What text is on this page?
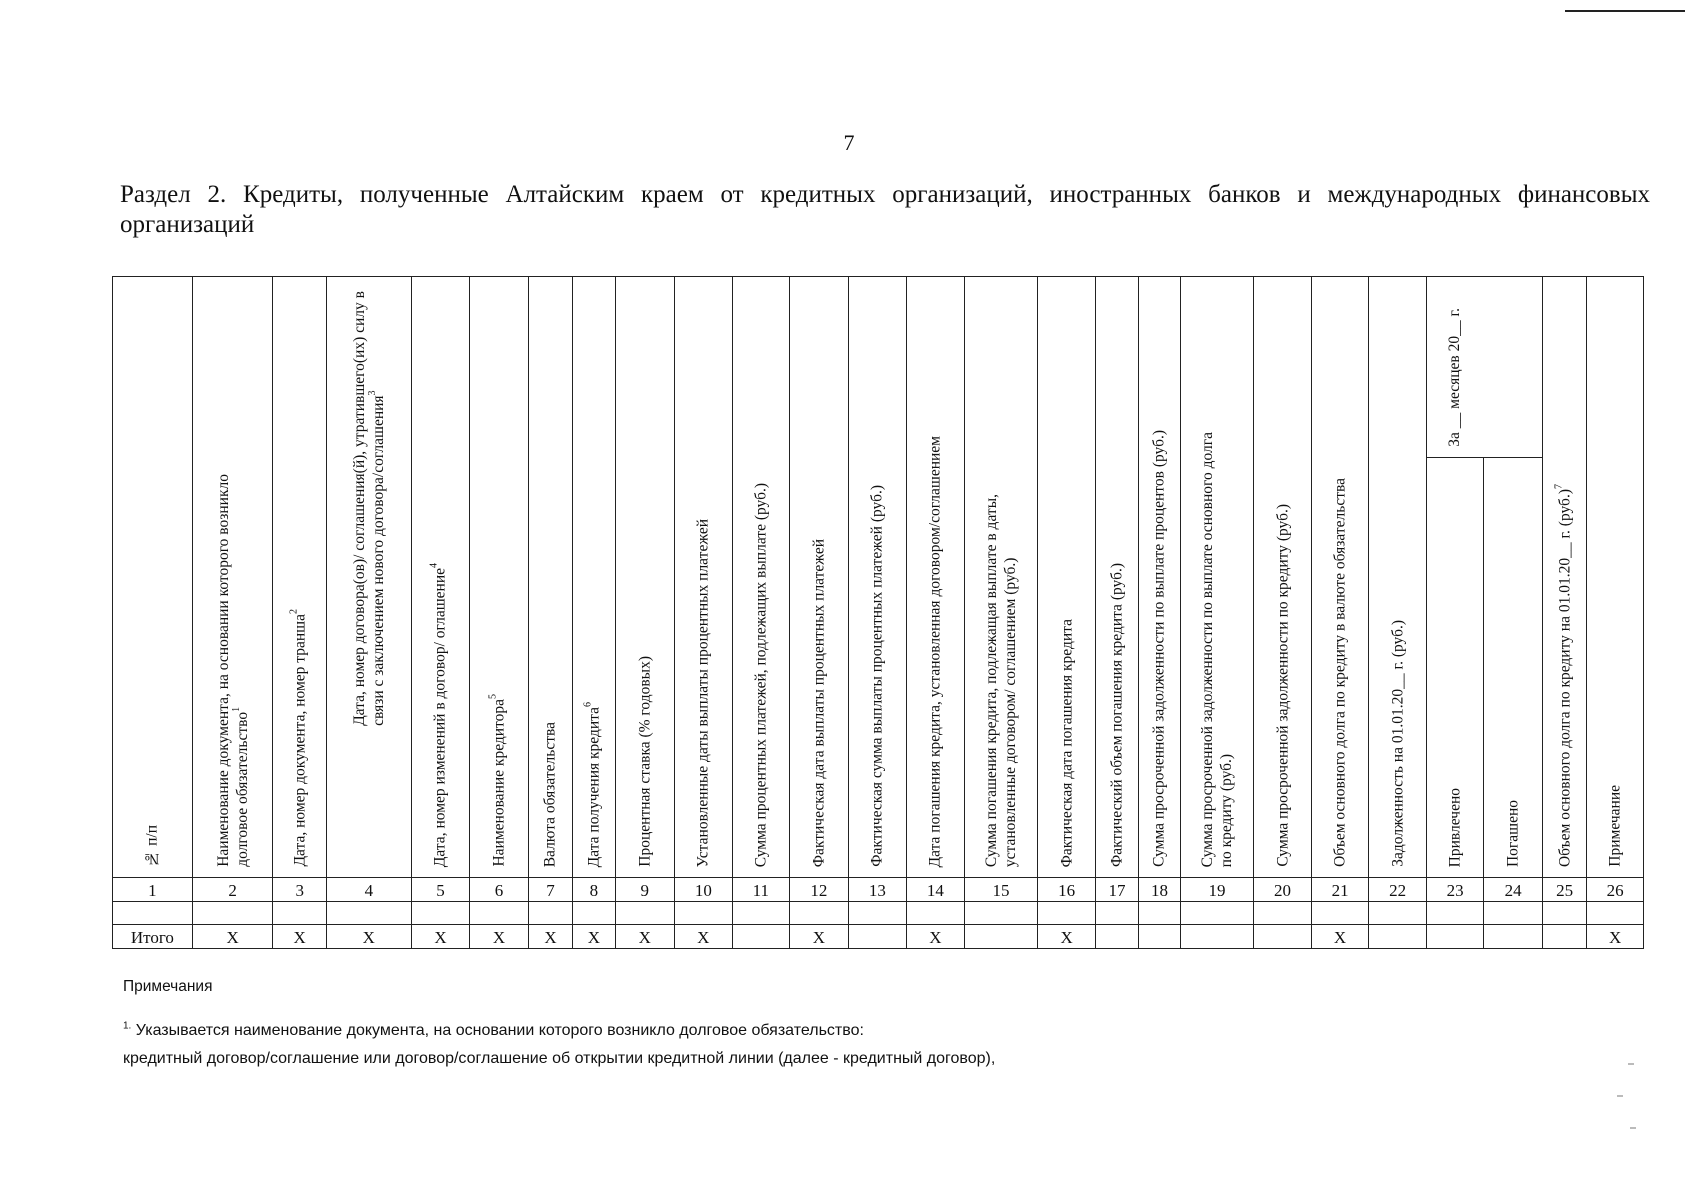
7
Раздел 2. Кредиты, полученные Алтайским краем от кредитных организаций, иностранных банков и международных финансовых организаций
№ п/п	Наименование документа, на основании которого возникло
долговое обязательство$^1$	Дата, номер документа, номер транша$^2$	Дата, номер договора(ов)/ соглашения(й), утратившего(их) силу в
связи с заключением нового договора/соглашения$^3$	Дата, номер изменений в договор/ оглашение$^4$	Наименование кредитора$^5$	Валюта обязательства	Дата получения кредита$^6$	Процентная ставка (% годовых)	Установленные даты выплаты процентных платежей	Сумма процентных платежей, подлежащих выплате (руб.)	Фактическая дата выплаты процентных платежей	Фактическая сумма выплаты процентных платежей (руб.)	Дата погашения кредита, установленная договором/соглашением	Сумма погашения кредита, подлежащая выплате в даты,
установленные договором/ соглашением (руб.)	Фактическая дата погашения кредита	Фактический объем погашения кредита (руб.)	Сумма просроченной задолженности по выплате процентов (руб.)	Сумма просроченной задолженности по выплате основного долга
по кредиту (руб.)	Сумма просроченной задолженности по кредиту (руб.)	Объем основного долга по кредиту в валюте обязательства	Задолженность на 01.01.20__ г. (руб.)	За __ месяцев 20__ г.		Объем основного долга по кредиту на 01.01.20__ г. $(руб.)^7$	Примечание

																						Привлечено	Погашено		

1	2	3	4	5	6	7	8	9	10	11	12	13	14	15	16	17	18	19	20	21	22	23	24	25	26

Итого	Х	Х	Х	Х	Х	Х	Х	Х	Х		Х		Х		Х					Х					Х
Примечания
$^{1.}$ Указывается наименование документа, на основании которого возникло долговое обязательство:
кредитный договор/соглашение или договор/соглашение об открытии кредитной линии (далее - кредитный договор),
